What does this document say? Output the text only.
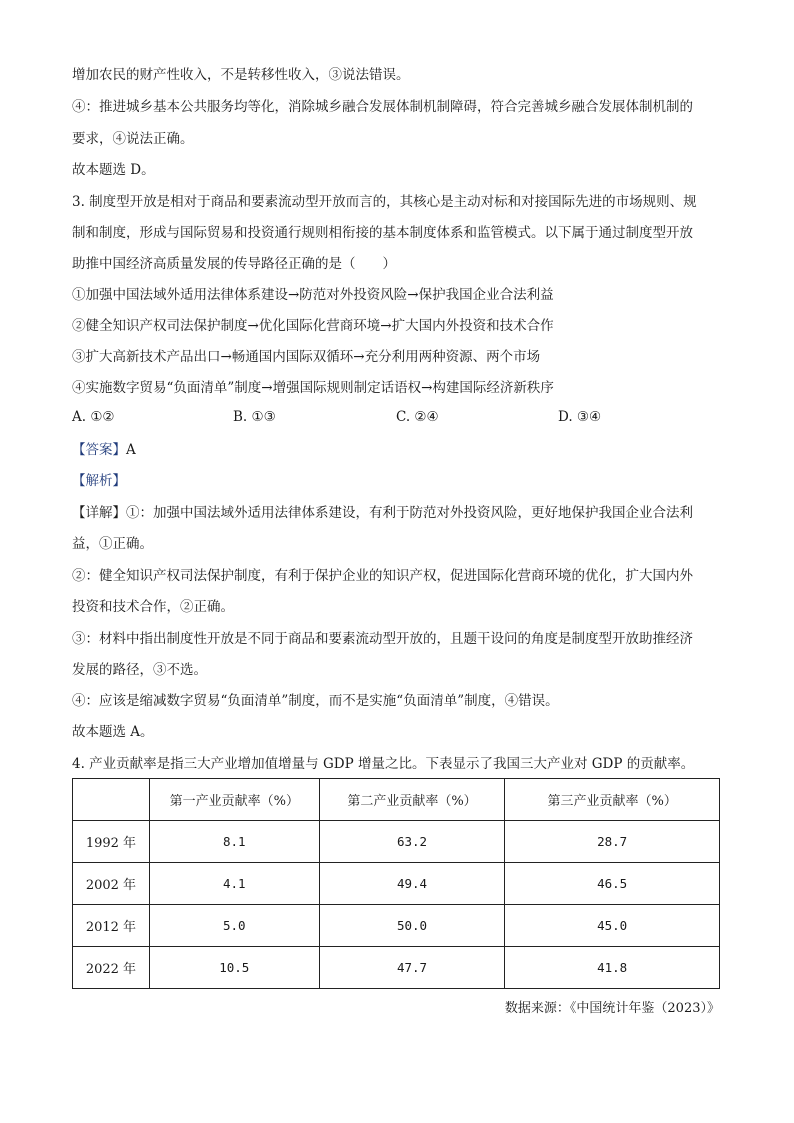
增加农民的财产性收入，不是转移性收入，③说法错误。
④：推进城乡基本公共服务均等化，消除城乡融合发展体制机制障碍，符合完善城乡融合发展体制机制的
要求，④说法正确。
故本题选 D。
3. 制度型开放是相对于商品和要素流动型开放而言的，其核心是主动对标和对接国际先进的市场规则、规
制和制度，形成与国际贸易和投资通行规则相衔接的基本制度体系和监管模式。以下属于通过制度型开放
助推中国经济高质量发展的传导路径正确的是（　　）
①加强中国法域外适用法律体系建设→防范对外投资风险→保护我国企业合法利益
②健全知识产权司法保护制度→优化国际化营商环境→扩大国内外投资和技术合作
③扩大高新技术产品出口→畅通国内国际双循环→充分利用两种资源、两个市场
④实施数字贸易“负面清单”制度→增强国际规则制定话语权→构建国际经济新秩序
A. ①②	B. ①③	C. ②④	D. ③④
【答案】A
【解析】
【详解】①：加强中国法域外适用法律体系建设，有利于防范对外投资风险，更好地保护我国企业合法利
益，①正确。
②：健全知识产权司法保护制度，有利于保护企业的知识产权，促进国际化营商环境的优化，扩大国内外
投资和技术合作，②正确。
③：材料中指出制度性开放是不同于商品和要素流动型开放的，且题干设问的角度是制度型开放助推经济
发展的路径，③不选。
④：应该是缩减数字贸易“负面清单”制度，而不是实施“负面清单”制度，④错误。
故本题选 A。
4. 产业贡献率是指三大产业增加值增量与 GDP 增量之比。下表显示了我国三大产业对 GDP 的贡献率。
	第一产业贡献率（%）	第二产业贡献率（%）	第三产业贡献率（%）
1992 年	8.1	63.2	28.7
2002 年	4.1	49.4	46.5
2012 年	5.0	50.0	45.0
2022 年	10.5	47.7	41.8
数据来源：《中国统计年鉴（2023）》
